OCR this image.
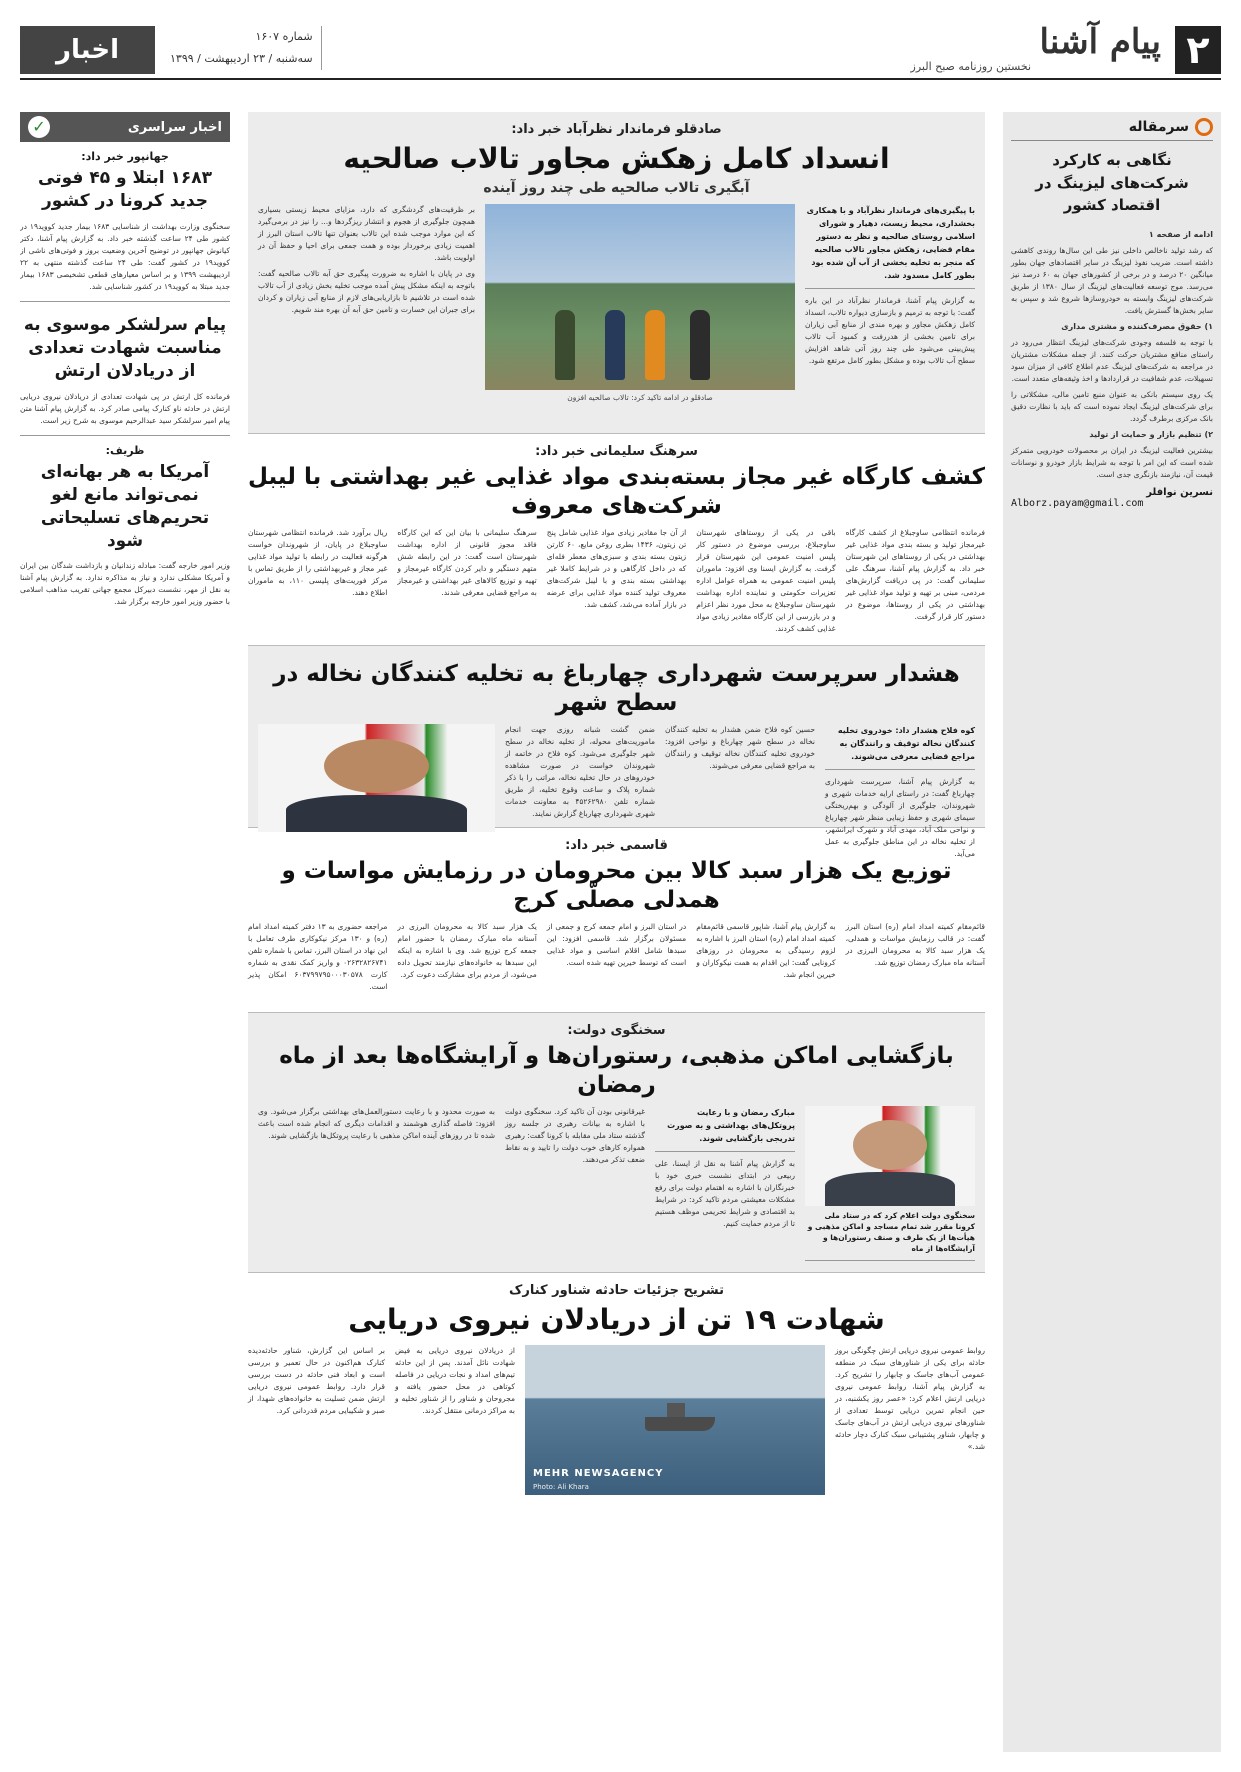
۲
پیام آشنا
نخستین روزنامه صبح البرز
شماره ۱۶۰۷
سه‌شنبه / ۲۳ اردیبهشت / ۱۳۹۹
اخبار
سرمقاله
نگاهی به کارکرد شرکت‌های لیزینگ در اقتصاد کشور

ادامه از صفحه ۱

که رشد تولید ناخالص داخلی نیز طی این سال‌ها روندی کاهشی داشته است. ضریب نفوذ لیزینگ در سایر اقتصادهای جهان بطور میانگین ۲۰ درصد و در برخی از کشورهای جهان به ۶۰ درصد نیز می‌رسد. موج توسعه فعالیت‌های لیزینگ از سال ۱۳۸۰ از طریق شرکت‌های لیزینگ وابسته به خودروسازها شروع شد و سپس به سایر بخش‌ها گسترش یافت.

۱) حقوق مصرف‌کننده و مشتری مداری

با توجه به فلسفه وجودی شرکت‌های لیزینگ انتظار می‌رود در راستای منافع مشتریان حرکت کنند. از جمله مشکلات مشتریان در مراجعه به شرکت‌های لیزینگ عدم اطلاع کافی از میزان سود تسهیلات، عدم شفافیت در قراردادها و اخذ وثیقه‌های متعدد است.

یک روی سیستم بانکی به عنوان منبع تامین مالی، مشکلاتی را برای شرکت‌های لیزینگ ایجاد نموده است که باید با نظارت دقیق بانک مرکزی برطرف گردد.

۲) تنظیم بازار و حمایت از تولید

بیشترین فعالیت لیزینگ در ایران بر محصولات خودرویی متمرکز شده است که این امر با توجه به شرایط بازار خودرو و نوسانات قیمت آن، نیازمند بازنگری جدی است.

نسرین نوافلر
Alborz.payam@gmail.com
اخبار سراسری
✓
جهانپور خبر داد:
۱۶۸۳ ابتلا و ۴۵ فوتی جدید کرونا در کشور
سخنگوی وزارت بهداشت از شناسایی ۱۶۸۳ بیمار جدید کووید۱۹ در کشور طی ۲۴ ساعت گذشته خبر داد. به گزارش پیام آشنا، دکتر کیانوش جهانپور در توضیح آخرین وضعیت بروز و فوتی‌های ناشی از کووید۱۹ در کشور گفت: طی ۲۴ ساعت گذشته منتهی به ۲۲ اردیبهشت ۱۳۹۹ و بر اساس معیارهای قطعی تشخیصی ۱۶۸۳ بیمار جدید مبتلا به کووید۱۹ در کشور شناسایی شد.
پیام سرلشکر موسوی به مناسبت شهادت تعدادی از دریادلان ارتش
فرمانده کل ارتش در پی شهادت تعدادی از دریادلان نیروی دریایی ارتش در حادثه ناو کنارک پیامی صادر کرد. به گزارش پیام آشنا متن پیام امیر سرلشکر سید عبدالرحیم موسوی به شرح زیر است.
ظریف:
آمریکا به هر بهانه‌ای نمی‌تواند مانع لغو تحریم‌های تسلیحاتی شود
وزیر امور خارجه گفت: مبادله زندانیان و بازداشت شدگان بین ایران و آمریکا مشکلی ندارد و نیاز به مذاکره ندارد. به گزارش پیام آشنا به نقل از مهر، نشست دبیرکل مجمع جهانی تقریب مذاهب اسلامی با حضور وزیر امور خارجه برگزار شد.
صادقلو فرماندار نظرآباد خبر داد:
انسداد کامل زهکش مجاور تالاب صالحیه
آبگیری تالاب صالحیه طی چند روز آینده
با پیگیری‌های فرماندار نظرآباد و با همکاری بخشداری، محیط زیست، دهیار و شورای اسلامی روستای صالحیه و نظر به دستور مقام قضایی، زهکش مجاور تالاب صالحیه که منجر به تخلیه بخشی از آب آن شده بود بطور کامل مسدود شد.
به گزارش پیام آشنا، فرماندار نظرآباد در این باره گفت: با توجه به ترمیم و بازسازی دیواره تالاب، انسداد کامل زهکش مجاور و بهره مندی از منابع آبی زیاران برای تامین بخشی از هدررفت و کمبود آب تالاب پیش‌بینی می‌شود طی چند روز آتی شاهد افزایش سطح آب تالاب بوده و مشکل بطور کامل مرتفع شود.
صادقلو در ادامه تاکید کرد: تالاب صالحیه افزون

بر ظرفیت‌های گردشگری که دارد، مزایای محیط زیستی بسیاری همچون جلوگیری از هجوم و انتشار ریزگردها و... را نیز در برمی‌گیرد که این موارد موجب شده این تالاب بعنوان تنها تالاب استان البرز از اهمیت زیادی برخوردار بوده و همت جمعی برای احیا و حفظ آن در اولویت باشد.

وی در پایان با اشاره به ضرورت پیگیری حق آبه تالاب صالحیه گفت: باتوجه به اینکه مشکل پیش آمده موجب تخلیه بخش زیادی از آب تالاب شده است در تلاشیم تا بازاریابی‌های لازم از منابع آبی زیاران و کردان برای جبران این خسارت و تامین حق آبه آن بهره مند شویم.

سرهنگ سلیمانی خبر داد:
کشف کارگاه غیر مجاز بسته‌بندی مواد غذایی غیر بهداشتی با لیبل شرکت‌های معروف
فرمانده انتظامی ساوجبلاغ از کشف کارگاه غیرمجاز تولید و بسته بندی مواد غذایی غیر بهداشتی در یکی از روستاهای این شهرستان خبر داد. به گزارش پیام آشنا، سرهنگ علی سلیمانی گفت: در پی دریافت گزارش‌های مردمی، مبنی بر تهیه و تولید مواد غذایی غیر بهداشتی در یکی از روستاها، موضوع در دستور کار قرار گرفت.
باقی در یکی از روستاهای شهرستان ساوجبلاغ، بررسی موضوع در دستور کار پلیس امنیت عمومی این شهرستان قرار گرفت. به گزارش ایسنا وی افزود: ماموران پلیس امنیت عمومی به همراه عوامل اداره تعزیرات حکومتی و نماینده اداره بهداشت شهرستان ساوجبلاغ به محل مورد نظر اعزام و در بازرسی از این کارگاه مقادیر زیادی مواد غذایی کشف کردند.
از آن جا مقادیر زیادی مواد غذایی شامل پنج تن زیتون، ۱۴۳۶ بطری روغن مایع، ۶۰ کارتن زیتون بسته بندی و سبزی‌های معطر فله‌ای که در داخل کارگاهی و در شرایط کاملا غیر بهداشتی بسته بندی و با لیبل شرکت‌های معروف تولید کننده مواد غذایی برای عرضه در بازار آماده می‌شد، کشف شد.
سرهنگ سلیمانی با بیان این که این کارگاه فاقد مجوز قانونی از اداره بهداشت شهرستان است گفت: در این رابطه شش متهم دستگیر و دایر کردن کارگاه غیرمجاز و تهیه و توزیع کالاهای غیر بهداشتی و غیرمجاز به مراجع قضایی معرفی شدند.
ریال برآورد شد. فرمانده انتظامی شهرستان ساوجبلاغ در پایان، از شهروندان خواست هرگونه فعالیت در رابطه با تولید مواد غذایی غیر مجاز و غیربهداشتی را از طریق تماس با مرکز فوریت‌های پلیسی ۱۱۰، به ماموران اطلاع دهند.
هشدار سرپرست شهرداری چهارباغ به تخلیه کنندگان نخاله در سطح شهر
کوه فلاح هشدار داد: خودروی تخلیه کنندگان نخاله توقیف و رانندگان به مراجع قضایی معرفی می‌شوند.
به گزارش پیام آشنا، سرپرست شهرداری چهارباغ گفت: در راستای ارایه خدمات شهری و شهروندان، جلوگیری از آلودگی و بهم‌ریختگی سیمای شهری و حفظ زیبایی منظر شهر چهارباغ و نواحی ملک آباد، مهدی آباد و شهرک ایرانشهر، از تخلیه نخاله در این مناطق جلوگیری به عمل می‌آید.
حسین کوه فلاح ضمن هشدار به تخلیه کنندگان نخاله در سطح شهر چهارباغ و نواحی افزود: خودروی تخلیه کنندگان نخاله توقیف و رانندگان به مراجع قضایی معرفی می‌شوند.
ضمن گشت شبانه روزی جهت انجام ماموریت‌های محوله، از تخلیه نخاله در سطح شهر جلوگیری می‌شود. کوه فلاح در خاتمه از شهروندان خواست در صورت مشاهده خودروهای در حال تخلیه نخاله، مراتب را با ذکر شماره پلاک و ساعت وقوع تخلیه، از طریق شماره تلفن ۴۵۲۶۲۹۸۰ به معاونت خدمات شهری شهرداری چهارباغ گزارش نمایند.
قاسمی خبر داد:
توزیع یک هزار سبد کالا بین محرومان در رزمایش مواسات و همدلی مصلّی کرج
قائم‌مقام کمیته امداد امام (ره) استان البرز گفت: در قالب رزمایش مواسات و همدلی، یک هزار سبد کالا به محرومان البرزی در آستانه ماه مبارک رمضان توزیع شد.
به گزارش پیام آشنا، شاپور قاسمی قائم‌مقام کمیته امداد امام (ره) استان البرز با اشاره به لزوم رسیدگی به محرومان در روزهای کرونایی گفت: این اقدام به همت نیکوکاران و خیرین انجام شد.
در استان البرز و امام جمعه کرج و جمعی از مسئولان برگزار شد. قاسمی افزود: این سبدها شامل اقلام اساسی و مواد غذایی است که توسط خیرین تهیه شده است.
یک هزار سبد کالا به محرومان البرزی در آستانه ماه مبارک رمضان با حضور امام جمعه کرج توزیع شد. وی با اشاره به اینکه این سبدها به خانواده‌های نیازمند تحویل داده می‌شود، از مردم برای مشارکت دعوت کرد.
مراجعه حضوری به ۱۳ دفتر کمیته امداد امام (ره) و ۱۳۰ مرکز نیکوکاری طرف تعامل با این نهاد در استان البرز، تماس با شماره تلفن ۰۲۶۳۲۸۲۶۷۴۱ و واریز کمک نقدی به شماره کارت ۶۰۳۷۹۹۷۹۵۰۰۰۳۰۵۷۸ امکان پذیر است.
سخنگوی دولت:
بازگشایی اماکن مذهبی، رستوران‌ها و آرایشگاه‌ها بعد از ماه رمضان
سخنگوی دولت اعلام کرد که در ستاد ملی کرونا مقرر شد تمام مساجد و اماکن مذهبی و هیأت‌ها از یک طرف و صنف رستوران‌ها و آرایشگاه‌ها از ماه
مبارک رمضان و با رعایت پروتکل‌های بهداشتی و به صورت تدریجی بازگشایی شوند.
به گزارش پیام آشنا به نقل از ایسنا، علی ربیعی در ابتدای نشست خبری خود با خبرنگاران با اشاره به اهتمام دولت برای رفع مشکلات معیشتی مردم تاکید کرد: در شرایط بد اقتصادی و شرایط تحریمی موظف هستیم تا از مردم حمایت کنیم.
غیرقانونی بودن آن تاکید کرد. سخنگوی دولت با اشاره به بیانات رهبری در جلسه روز گذشته ستاد ملی مقابله با کرونا گفت: رهبری همواره کارهای خوب دولت را تایید و به نقاط ضعف تذکر می‌دهند.
به صورت محدود و با رعایت دستورالعمل‌های بهداشتی برگزار می‌شود. وی افزود: فاصله گذاری هوشمند و اقدامات دیگری که انجام شده است باعث شده تا در روزهای آینده اماکن مذهبی با رعایت پروتکل‌ها بازگشایی شوند.
تشریح جزئیات حادثه شناور کنارک
شهادت ۱۹ تن از دریادلان نیروی دریایی
روابط عمومی نیروی دریایی ارتش چگونگی بروز حادثه برای یکی از شناورهای سبک در منطقه عمومی آب‌های جاسک و چابهار را تشریح کرد. به گزارش پیام آشنا، روابط عمومی نیروی دریایی ارتش اعلام کرد: «عصر روز یکشنبه، در حین انجام تمرین دریایی توسط تعدادی از شناورهای نیروی دریایی ارتش در آب‌های جاسک و چابهار، شناور پشتیبانی سبک کنارک دچار حادثه شد.»
MEHR NEWSAGENCY
Photo: Ali Khara
از دریادلان نیروی دریایی به فیض شهادت نائل آمدند. پس از این حادثه تیم‌های امداد و نجات دریایی در فاصله کوتاهی در محل حضور یافته و مجروحان و شناور را از شناور تخلیه و به مراکز درمانی منتقل کردند.
بر اساس این گزارش، شناور حادثه‌دیده کنارک هم‌اکنون در حال تعمیر و بررسی است و ابعاد فنی حادثه در دست بررسی قرار دارد. روابط عمومی نیروی دریایی ارتش ضمن تسلیت به خانواده‌های شهدا، از صبر و شکیبایی مردم قدردانی کرد.
